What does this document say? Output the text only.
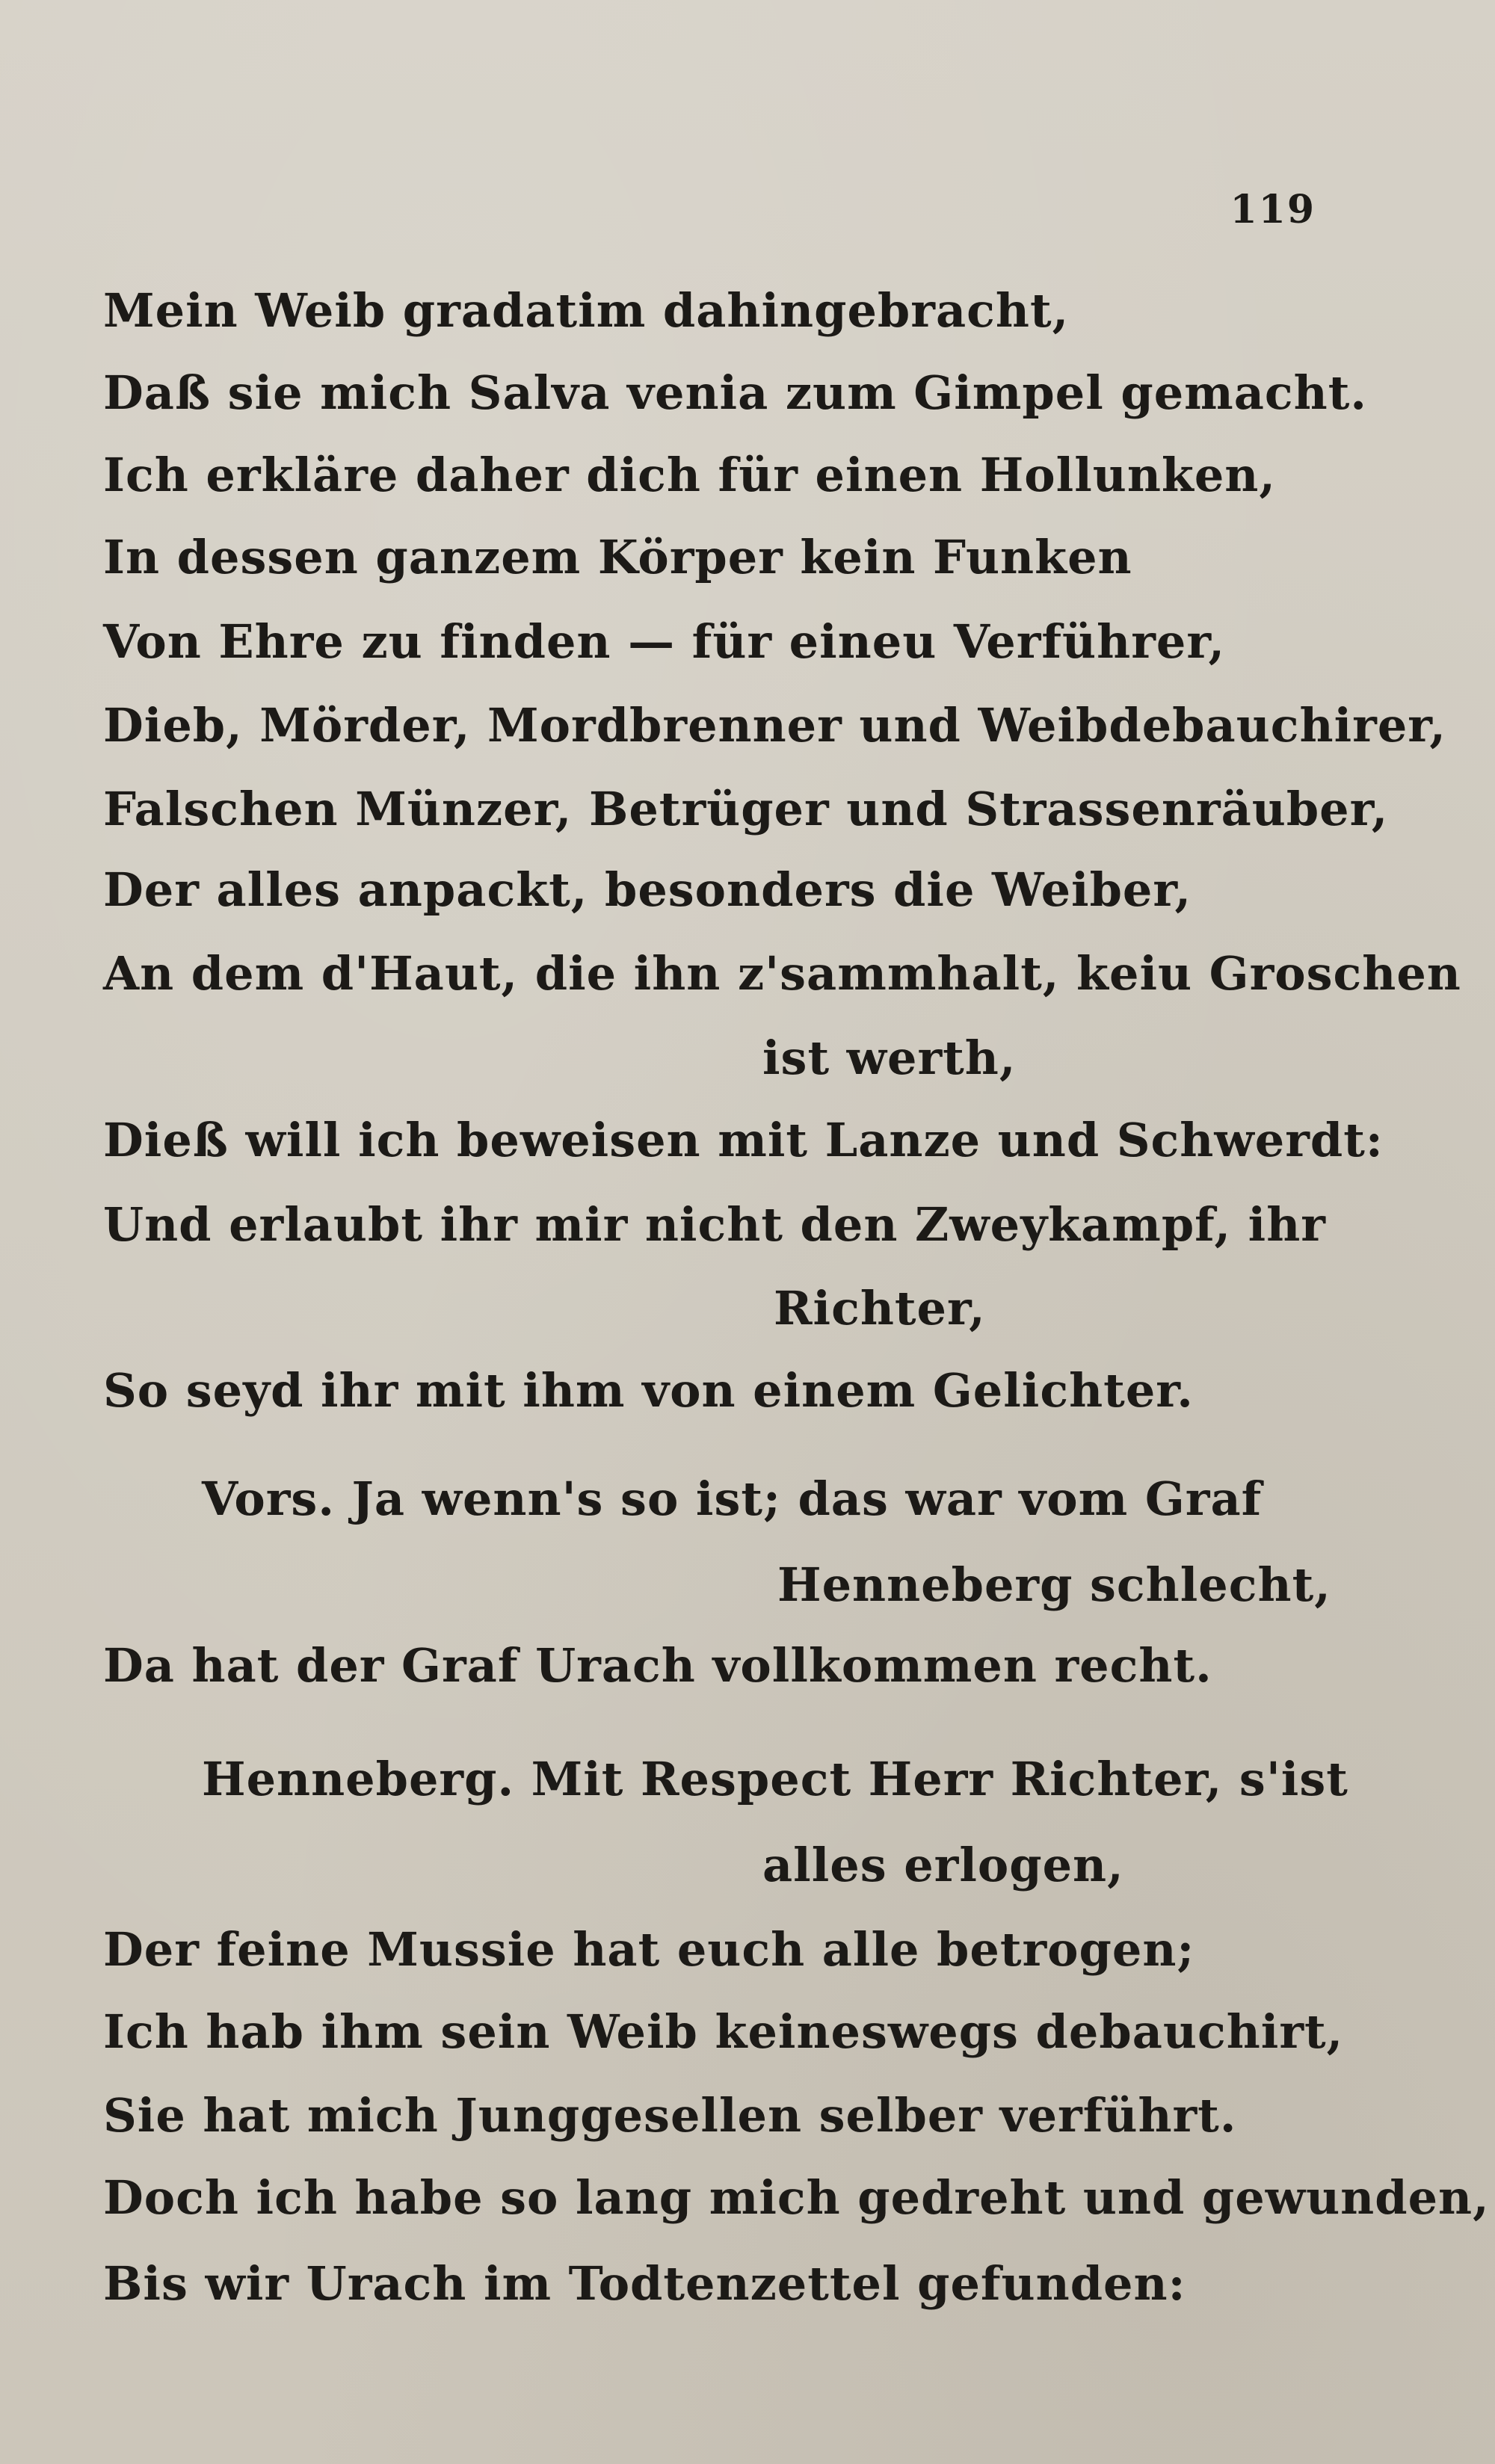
119
Mein Weib gradatim dahingebracht,
Daß sie mich Salva venia zum Gimpel gemacht.
Ich erkläre daher dich für einen Hollunken,
In dessen ganzem Körper kein Funken
Von Ehre zu finden — für eineu Verführer,
Dieb, Mörder, Mordbrenner und Weibdebauchirer,
Falschen Münzer, Betrüger und Strassenräuber,
Der alles anpackt, besonders die Weiber,
An dem d'Haut, die ihn z'sammhalt, keiu Groschen
ist werth,
Dieß will ich beweisen mit Lanze und Schwerdt:
Und erlaubt ihr mir nicht den Zweykampf, ihr
Richter,
So seyd ihr mit ihm von einem Gelichter.
Vors. Ja wenn's so ist; das war vom Graf
Henneberg schlecht,
Da hat der Graf Urach vollkommen recht.
Henneberg. Mit Respect Herr Richter, s'ist
alles erlogen,
Der feine Mussie hat euch alle betrogen;
Ich hab ihm sein Weib keineswegs debauchirt,
Sie hat mich Junggesellen selber verführt.
Doch ich habe so lang mich gedreht und gewunden,
Bis wir Urach im Todtenzettel gefunden:
